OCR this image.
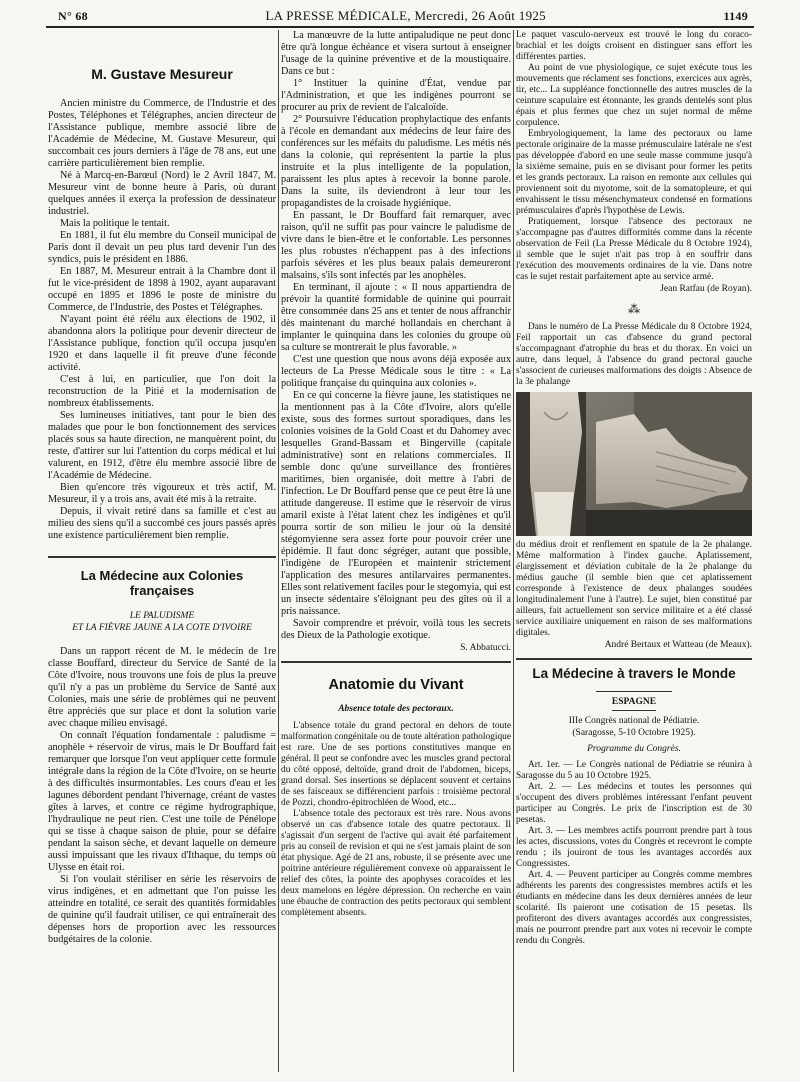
N° 68	LA PRESSE MÉDICALE, Mercredi, 26 Août 1925	1149
M. Gustave Mesureur

Ancien ministre du Commerce, de l'Industrie et des Postes, Téléphones et Télégraphes, ancien directeur de l'Assistance publique, membre associé libre de l'Académie de Médecine, M. Gustave Mesureur, qui succombait ces jours derniers à l'âge de 78 ans, eut une carrière particulièrement bien remplie.

Né à Marcq-en-Barœul (Nord) le 2 Avril 1847, M. Mesureur vint de bonne heure à Paris, où durant quelques années il exerça la profession de dessinateur industriel.

Mais la politique le tentait.

En 1881, il fut élu membre du Conseil municipal de Paris dont il devait un peu plus tard devenir l'un des syndics, puis le président en 1886.

En 1887, M. Mesureur entrait à la Chambre dont il fut le vice-président de 1898 à 1902, ayant auparavant occupé en 1895 et 1896 le poste de ministre du Commerce, de l'Industrie, des Postes et Télégraphes.

N'ayant point été réélu aux élections de 1902, il abandonna alors la politique pour devenir directeur de l'Assistance publique, fonction qu'il occupa jusqu'en 1920 et dans laquelle il fit preuve d'une féconde activité.

C'est à lui, en particulier, que l'on doit la reconstruction de la Pitié et la modernisation de nombreux établissements.

Ses lumineuses initiatives, tant pour le bien des malades que pour le bon fonctionnement des services placés sous sa haute direction, ne manquèrent point, du reste, d'attirer sur lui l'attention du corps médical et lui valurent, en 1912, d'être élu membre associé libre de l'Académie de Médecine.

Bien qu'encore très vigoureux et très actif, M. Mesureur, il y a trois ans, avait été mis à la retraite.

Depuis, il vivait retiré dans sa famille et c'est au milieu des siens qu'il a succombé ces jours passés après une existence particulièrement bien remplie.

La Médecine aux Colonies françaises
LE PALUDISME
ET LA FIÈVRE JAUNE A LA COTE D'IVOIRE

Dans un rapport récent de M. le médecin de 1re classe Bouffard, directeur du Service de Santé de la Côte d'Ivoire, nous trouvons une fois de plus la preuve qu'il n'y a pas un problème du Service de Santé aux Colonies, mais une série de problèmes qui ne peuvent être appréciés que sur place et dont la solution varie avec chaque milieu envisagé.

On connaît l'équation fondamentale : paludisme = anophèle + réservoir de virus, mais le Dr Bouffard fait remarquer que lorsque l'on veut appliquer cette formule intégrale dans la région de la Côte d'Ivoire, on se heurte à des difficultés insurmontables. Les cours d'eau et les lagunes débordent pendant l'hivernage, créant de vastes gîtes à larves, et contre ce régime hydrographique, l'hydraulique ne peut rien. C'est une toile de Pénélope qui se tisse à chaque saison de pluie, pour se défaire pendant la saison sèche, et devant laquelle on demeure aussi impuissant que les rivaux d'Ithaque, du temps où Ulysse en était roi.

Si l'on voulait stériliser en série les réservoirs de virus indigènes, et en admettant que l'on puisse les atteindre en totalité, ce serait des quantités formidables de quinine qu'il faudrait utiliser, ce qui entraînerait des dépenses hors de proportion avec les ressources budgétaires de la colonie.

La manœuvre de la lutte antipaludique ne peut donc être qu'à longue échéance et visera surtout à enseigner l'usage de la quinine préventive et de la moustiquaire. Dans ce but :

1° Instituer la quinine d'État, vendue par l'Administration, et que les indigènes pourront se procurer au prix de revient de l'alcaloïde.

2° Poursuivre l'éducation prophylactique des enfants à l'école en demandant aux médecins de leur faire des conférences sur les méfaits du paludisme. Les métis nés dans la colonie, qui représentent la partie la plus instruite et la plus intelligente de la population, paraissent les plus aptes à recevoir la bonne parole. Dans la suite, ils deviendront à leur tour les propagandistes de la croisade hygiénique.

En passant, le Dr Bouffard fait remarquer, avec raison, qu'il ne suffit pas pour vaincre le paludisme de vivre dans le bien-être et le confortable. Les personnes les plus robustes n'échappent pas à des infections parfois sévères et les plus beaux palais demeureront malsains, s'ils sont infectés par les anophèles.

En terminant, il ajoute : « Il nous appartiendra de prévoir la quantité formidable de quinine qui pourrait être consommée dans 25 ans et tenter de nous affranchir dès maintenant du marché hollandais en cherchant à implanter le quinquina dans les colonies du groupe où sa culture se montrerait le plus favorable. »

C'est une question que nous avons déjà exposée aux lecteurs de La Presse Médicale sous le titre : « La politique française du quinquina aux colonies ».

En ce qui concerne la fièvre jaune, les statistiques ne la mentionnent pas à la Côte d'Ivoire, alors qu'elle existe, sous des formes surtout sporadiques, dans les colonies voisines de la Gold Coast et du Dahomey avec lesquelles Grand-Bassam et Bingerville (capitale administrative) sont en relations commerciales. Il semble donc qu'une surveillance des frontières maritimes, bien organisée, doit mettre à l'abri de l'infection. Le Dr Bouffard pense que ce peut être là une attitude dangereuse. Il estime que le réservoir de virus amaril existe à l'état latent chez les indigènes et qu'il pourra sortir de son milieu le jour où la densité stégomyienne sera assez forte pour pouvoir créer une épidémie. Il faut donc ségréger, autant que possible, l'indigène de l'Européen et maintenir strictement l'application des mesures antilarvaires permanentes. Elles sont relativement faciles pour le stegomyia, qui est un insecte sédentaire s'éloignant peu des gîtes où il a pris naissance.

Savoir comprendre et prévoir, voilà tous les secrets des Dieux de la Pathologie exotique.

S. Abbatucci.
Anatomie du Vivant
Absence totale des pectoraux.

L'absence totale du grand pectoral en dehors de toute malformation congénitale ou de toute altération pathologique est rare. Une de ses portions constitutives manque en général. Il peut se confondre avec les muscles grand pectoral du côté opposé, deltoïde, grand droit de l'abdomen, biceps, grand dorsal. Ses insertions se déplacent souvent et certains de ses faisceaux se différencient parfois : troisième pectoral de Pozzi, chondro-épitrochléen de Wood, etc...

L'absence totale des pectoraux est très rare. Nous avons observé un cas d'absence totale des quatre pectoraux. Il s'agissait d'un sergent de l'active qui avait été parfaitement pris au conseil de revision et qui ne s'est jamais plaint de son état physique. Agé de 21 ans, robuste, il se présente avec une poitrine antérieure régulièrement convexe où apparaissent le relief des côtes, la pointe des apophyses coracoïdes et les deux mamelons en légère dépression. On recherche en vain une ébauche de contraction des petits pectoraux qui semblent complètement absents.

Le paquet vasculo-nerveux est trouvé le long du coraco-brachial et les doigts croisent en distinguer sans effort les différentes parties.

Au point de vue physiologique, ce sujet exécute tous les mouvements que réclament ses fonctions, exercices aux agrès, tir, etc... La suppléance fonctionnelle des autres muscles de la ceinture scapulaire est étonnante, les grands dentelés sont plus épais et plus fermes que chez un sujet normal de même corpulence.

Embryologiquement, la lame des pectoraux ou lame pectorale originaire de la masse prémusculaire latérale ne s'est pas développée d'abord en une seule masse commune jusqu'à la sixième semaine, puis en se divisant pour former les petits et les grands pectoraux. La raison en remonte aux cellules qui proviennent soit du myotome, soit de la somatopleure, et qui envahissent le tissu mésenchymateux condensé en formations prémusculaires d'après l'hypothèse de Lewis.

Pratiquement, lorsque l'absence des pectoraux ne s'accompagne pas d'autres difformités comme dans la récente observation de Feil (La Presse Médicale du 8 Octobre 1924), il semble que le sujet n'ait pas trop à en souffrir dans l'exécution des mouvements ordinaires de la vie. Dans notre cas le sujet restait parfaitement apte au service armé.

Jean Ratfau (de Royan).
⁂

Dans le numéro de La Presse Médicale du 8 Octobre 1924, Feil rapportait un cas d'absence du grand pectoral s'accompagnant d'atrophie du bras et du thorax. En voici un autre, dans lequel, à l'absence du grand pectoral gauche s'associent de curieuses malformations des doigts : Absence de la 3e phalange

du médius droit et renflement en spatule de la 2e phalange. Même malformation à l'index gauche. Aplatissement, élargissement et déviation cubitale de la 2e phalange du médius gauche (il semble bien que cet aplatissement corresponde à l'existence de deux phalanges soudées longitudinalement l'une à l'autre). Le sujet, bien constitué par ailleurs, fait actuellement son service militaire et a été classé service auxiliaire uniquement en raison de ses malformations digitales.

André Bertaux et Watteau (de Meaux).
La Médecine à travers le Monde
ESPAGNE
IIIe Congrès national de Pédiatrie.
(Saragosse, 5-10 Octobre 1925).
Programme du Congrès.

Art. 1er. — Le Congrès national de Pédiatrie se réunira à Saragosse du 5 au 10 Octobre 1925.

Art. 2. — Les médecins et toutes les personnes qui s'occupent des divers problèmes intéressant l'enfant peuvent participer au Congrès. Le prix de l'inscription est de 30 pesetas.

Art. 3. — Les membres actifs pourront prendre part à tous les actes, discussions, votes du Congrès et recevront le compte rendu ; ils jouiront de tous les avantages accordés aux Congressistes.

Art. 4. — Peuvent participer au Congrès comme membres adhérents les parents des congressistes membres actifs et les étudiants en médecine dans les deux dernières années de leur scolarité. Ils paieront une cotisation de 15 pesetas. Ils profiteront des divers avantages accordés aux congressistes, mais ne pourront prendre part aux votes ni recevoir le compte rendu du Congrès.
